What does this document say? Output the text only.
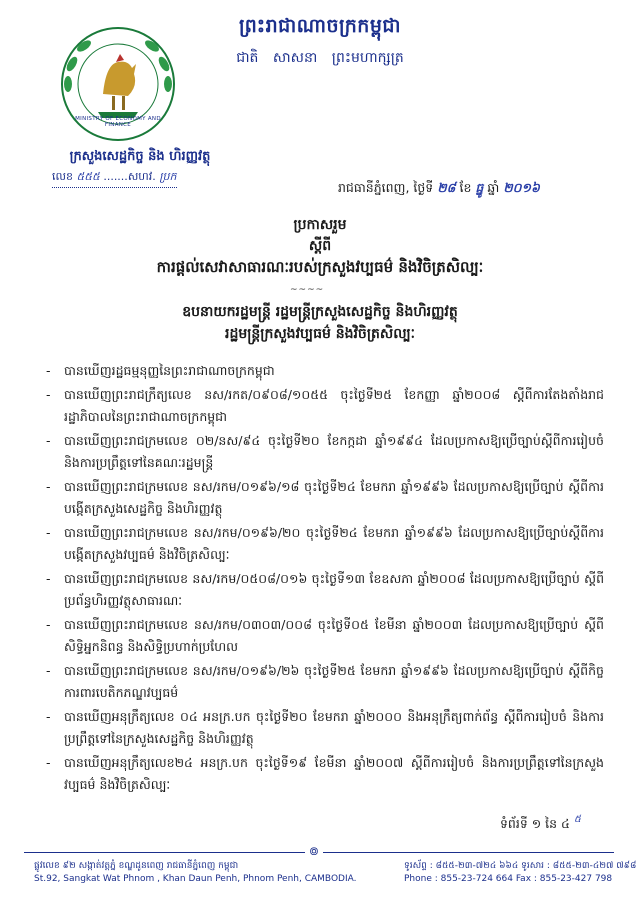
MINISTRY OF ECONOMY AND FINANCE
ព្រះរាជាណាចក្រកម្ពុជា
ជាតិ សាសនា ព្រះមហាក្សត្រ
ក្រសួងសេដ្ឋកិច្ច និង ហិរញ្ញវត្ថុ
លេខ ៥៥៥ .......សហវ. ប្រក
រាជធានីភ្នំពេញ, ថ្ងៃទី ២៨ ខែ ធ្នូ ឆ្នាំ ២០១៦
ប្រកាសរួម
ស្តីពី
ការផ្តល់សេវាសាធារណៈរបស់ក្រសួងវប្បធម៌ និងវិចិត្រសិល្បៈ
~~~~
ឧបនាយករដ្ឋមន្ត្រី រដ្ឋមន្ត្រីក្រសួងសេដ្ឋកិច្ច និងហិរញ្ញវត្ថុ
រដ្ឋមន្ត្រីក្រសួងវប្បធម៌ និងវិចិត្រសិល្បៈ
- បានឃើញរដ្ឋធម្មនុញ្ញនៃព្រះរាជាណាចក្រកម្ពុជា
- បានឃើញព្រះរាជក្រឹត្យលេខ នស/រកត/០៩០៨/១០៥៥ ចុះថ្ងៃទី២៥ ខែកញ្ញា ឆ្នាំ២០០៨ ស្តីពីការតែងតាំងរាជរដ្ឋាភិបាលនៃព្រះរាជាណាចក្រកម្ពុជា
- បានឃើញព្រះរាជក្រមលេខ ០២/នស/៩៤ ចុះថ្ងៃទី២០ ខែកក្កដា ឆ្នាំ១៩៩៤ ដែលប្រកាសឱ្យប្រើច្បាប់ស្តីពីការរៀបចំ និងការប្រព្រឹត្តទៅនៃគណៈរដ្ឋមន្ត្រី
- បានឃើញព្រះរាជក្រមលេខ នស/រកម/០១៩៦/១៨ ចុះថ្ងៃទី២៤ ខែមករា ឆ្នាំ១៩៩៦ ដែលប្រកាសឱ្យប្រើច្បាប់ ស្តីពីការបង្កើតក្រសួងសេដ្ឋកិច្ច និងហិរញ្ញវត្ថុ
- បានឃើញព្រះរាជក្រមលេខ នស/រកម/០១៩៦/២០ ចុះថ្ងៃទី២៤ ខែមករា ឆ្នាំ១៩៩៦ ដែលប្រកាសឱ្យប្រើច្បាប់ស្តីពីការបង្កើតក្រសួងវប្បធម៌ និងវិចិត្រសិល្បៈ
- បានឃើញព្រះរាជក្រមលេខ នស/រកម/០៥០៨/០១៦ ចុះថ្ងៃទី១៣ ខែឧសភា ឆ្នាំ២០០៨ ដែលប្រកាសឱ្យប្រើច្បាប់ ស្តីពីប្រព័ន្ធហិរញ្ញវត្ថុសាធារណៈ
- បានឃើញព្រះរាជក្រមលេខ នស/រកម/០៣០៣/០០៨ ចុះថ្ងៃទី០៥ ខែមីនា ឆ្នាំ២០០៣ ដែលប្រកាសឱ្យប្រើច្បាប់ ស្តីពីសិទ្ធិអ្នកនិពន្ធ និងសិទ្ធិប្រហាក់ប្រហែល
- បានឃើញព្រះរាជក្រមលេខ នស/រកម/០១៩៦/២៦ ចុះថ្ងៃទី២៥ ខែមករា ឆ្នាំ១៩៩៦ ដែលប្រកាសឱ្យប្រើច្បាប់ ស្តីពីកិច្ចការពារបេតិកភណ្ឌវប្បធម៌
- បានឃើញអនុក្រឹត្យលេខ ០៤ អនក្រ.បក ចុះថ្ងៃទី២០ ខែមករា ឆ្នាំ២០០០ និងអនុក្រឹត្យពាក់ព័ន្ធ ស្តីពីការរៀបចំ និងការប្រព្រឹត្តទៅនៃក្រសួងសេដ្ឋកិច្ច និងហិរញ្ញវត្ថុ
- បានឃើញអនុក្រឹត្យលេខ២៤ អនក្រ.បក ចុះថ្ងៃទី១៩ ខែមីនា ឆ្នាំ២០០៧ ស្តីពីការរៀបចំ និងការប្រព្រឹត្តទៅនៃក្រសួងវប្បធម៌ និងវិចិត្រសិល្បៈ
ទំព័រទី ១ នៃ ៤ $^៥$
៙
ផ្លូវលេខ ៩២ សង្កាត់វត្តភ្នំ ខណ្ឌដូនពេញ រាជធានីភ្នំពេញ កម្ពុជា
St.92, Sangkat Wat Phnom , Khan Daun Penh, Phnom Penh, CAMBODIA.
ទូរស័ព្ទ : ៨៥៥-២៣-៧២៤ ៦៦៤ ទូរសារ : ៨៥៥-២៣-៤២៧ ៧៩៨
Phone : 855-23-724 664 Fax : 855-23-427 798
